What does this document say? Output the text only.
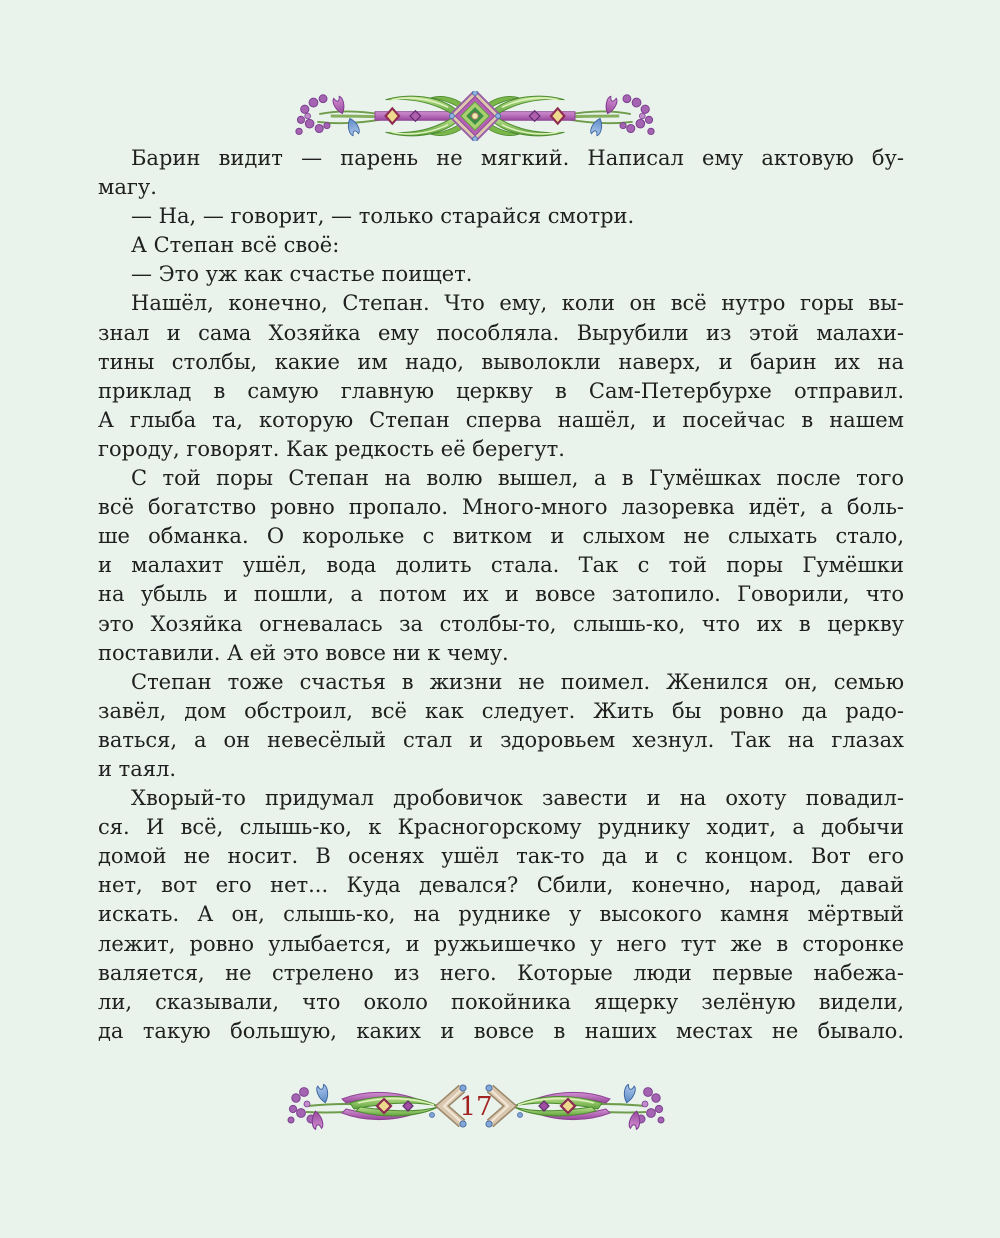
Барин видит — парень не мягкий. Написал ему актовую бу-
магу.
— На, — говорит, — только старайся смотри.
А Степан всё своё:
— Это уж как счастье поищет.
Нашёл, конечно, Степан. Что ему, коли он всё нутро горы вы-
знал и сама Хозяйка ему пособляла. Вырубили из этой малахи-
тины столбы, какие им надо, выволокли наверх, и барин их на
приклад в самую главную церкву в Сам-Петербурхе отправил.
А глыба та, которую Степан сперва нашёл, и посейчас в нашем
городу, говорят. Как редкость её берегут.
С той поры Степан на волю вышел, а в Гумёшках после того
всё богатство ровно пропало. Много-много лазоревка идёт, а боль-
ше обманка. О корольке с витком и слыхом не слыхать стало,
и малахит ушёл, вода долить стала. Так с той поры Гумёшки
на убыль и пошли, а потом их и вовсе затопило. Говорили, что
это Хозяйка огневалась за столбы-то, слышь-ко, что их в церкву
поставили. А ей это вовсе ни к чему.
Степан тоже счастья в жизни не поимел. Женился он, семью
завёл, дом обстроил, всё как следует. Жить бы ровно да радо-
ваться, а он невесёлый стал и здоровьем хезнул. Так на глазах
и таял.
Хворый-то придумал дробовичок завести и на охоту повадил-
ся. И всё, слышь-ко, к Красногорскому руднику ходит, а добычи
домой не носит. В осенях ушёл так-то да и с концом. Вот его
нет, вот его нет... Куда девался? Сбили, конечно, народ, давай
искать. А он, слышь-ко, на руднике у высокого камня мёртвый
лежит, ровно улыбается, и ружьишечко у него тут же в сторонке
валяется, не стрелено из него. Которые люди первые набежа-
ли, сказывали, что около покойника ящерку зелёную видели,
да такую большую, каких и вовсе в наших местах не бывало.
17
